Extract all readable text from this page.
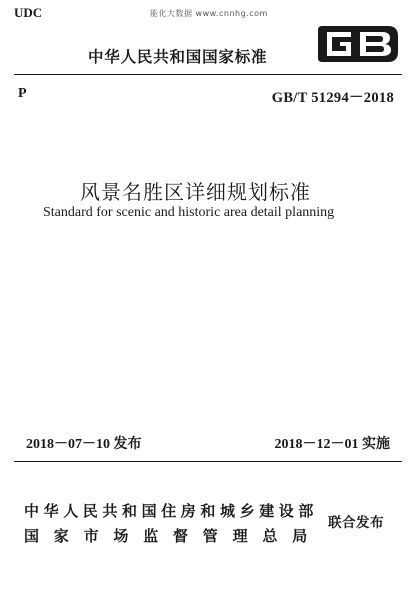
UDC	能化大数据 www.cnnhg.com
中华人民共和国国家标准
P	GB/T 51294－2018
风景名胜区详细规划标准
Standard for scenic and historic area detail planning
2018－07－10 发布	2018－12－01 实施
中华人民共和国住房和城乡建设部
国家市场监督管理总局
联合发布
